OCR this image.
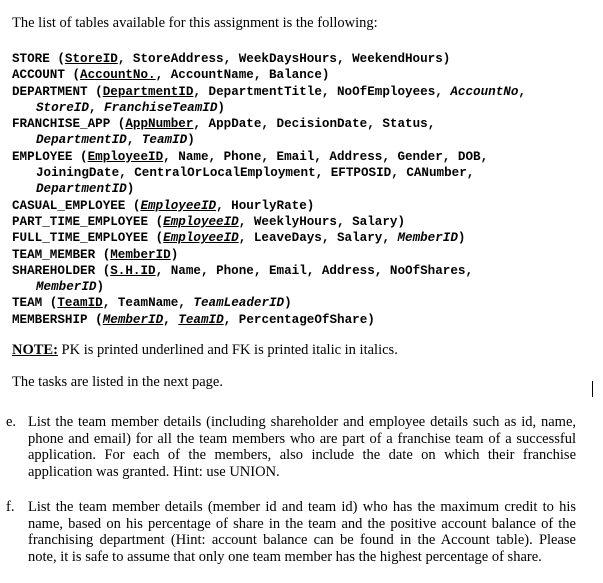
The list of tables available for this assignment is the following:
STORE (StoreID, StoreAddress, WeekDaysHours, WeekendHours)
ACCOUNT (AccountNo., AccountName, Balance)
DEPARTMENT (DepartmentID, DepartmentTitle, NoOfEmployees, AccountNo,
StoreID, FranchiseTeamID)
FRANCHISE_APP (AppNumber, AppDate, DecisionDate, Status,
DepartmentID, TeamID)
EMPLOYEE (EmployeeID, Name, Phone, Email, Address, Gender, DOB,
JoiningDate, CentralOrLocalEmployment, EFTPOSID, CANumber,
DepartmentID)
CASUAL_EMPLOYEE (EmployeeID, HourlyRate)
PART_TIME_EMPLOYEE (EmployeeID, WeeklyHours, Salary)
FULL_TIME_EMPLOYEE (EmployeeID, LeaveDays, Salary, MemberID)
TEAM_MEMBER (MemberID)
SHAREHOLDER (S.H.ID, Name, Phone, Email, Address, NoOfShares,
MemberID)
TEAM (TeamID, TeamName, TeamLeaderID)
MEMBERSHIP (MemberID, TeamID, PercentageOfShare)
NOTE: PK is printed underlined and FK is printed italic in italics.
The tasks are listed in the next page.
e. List the team member details (including shareholder and employee details such as id, name, phone and email) for all the team members who are part of a franchise team of a successful application. For each of the members, also include the date on which their franchise application was granted. Hint: use UNION.
f. List the team member details (member id and team id) who has the maximum credit to his name, based on his percentage of share in the team and the positive account balance of the franchising department (Hint: account balance can be found in the Account table). Please note, it is safe to assume that only one team member has the highest percentage of share.
